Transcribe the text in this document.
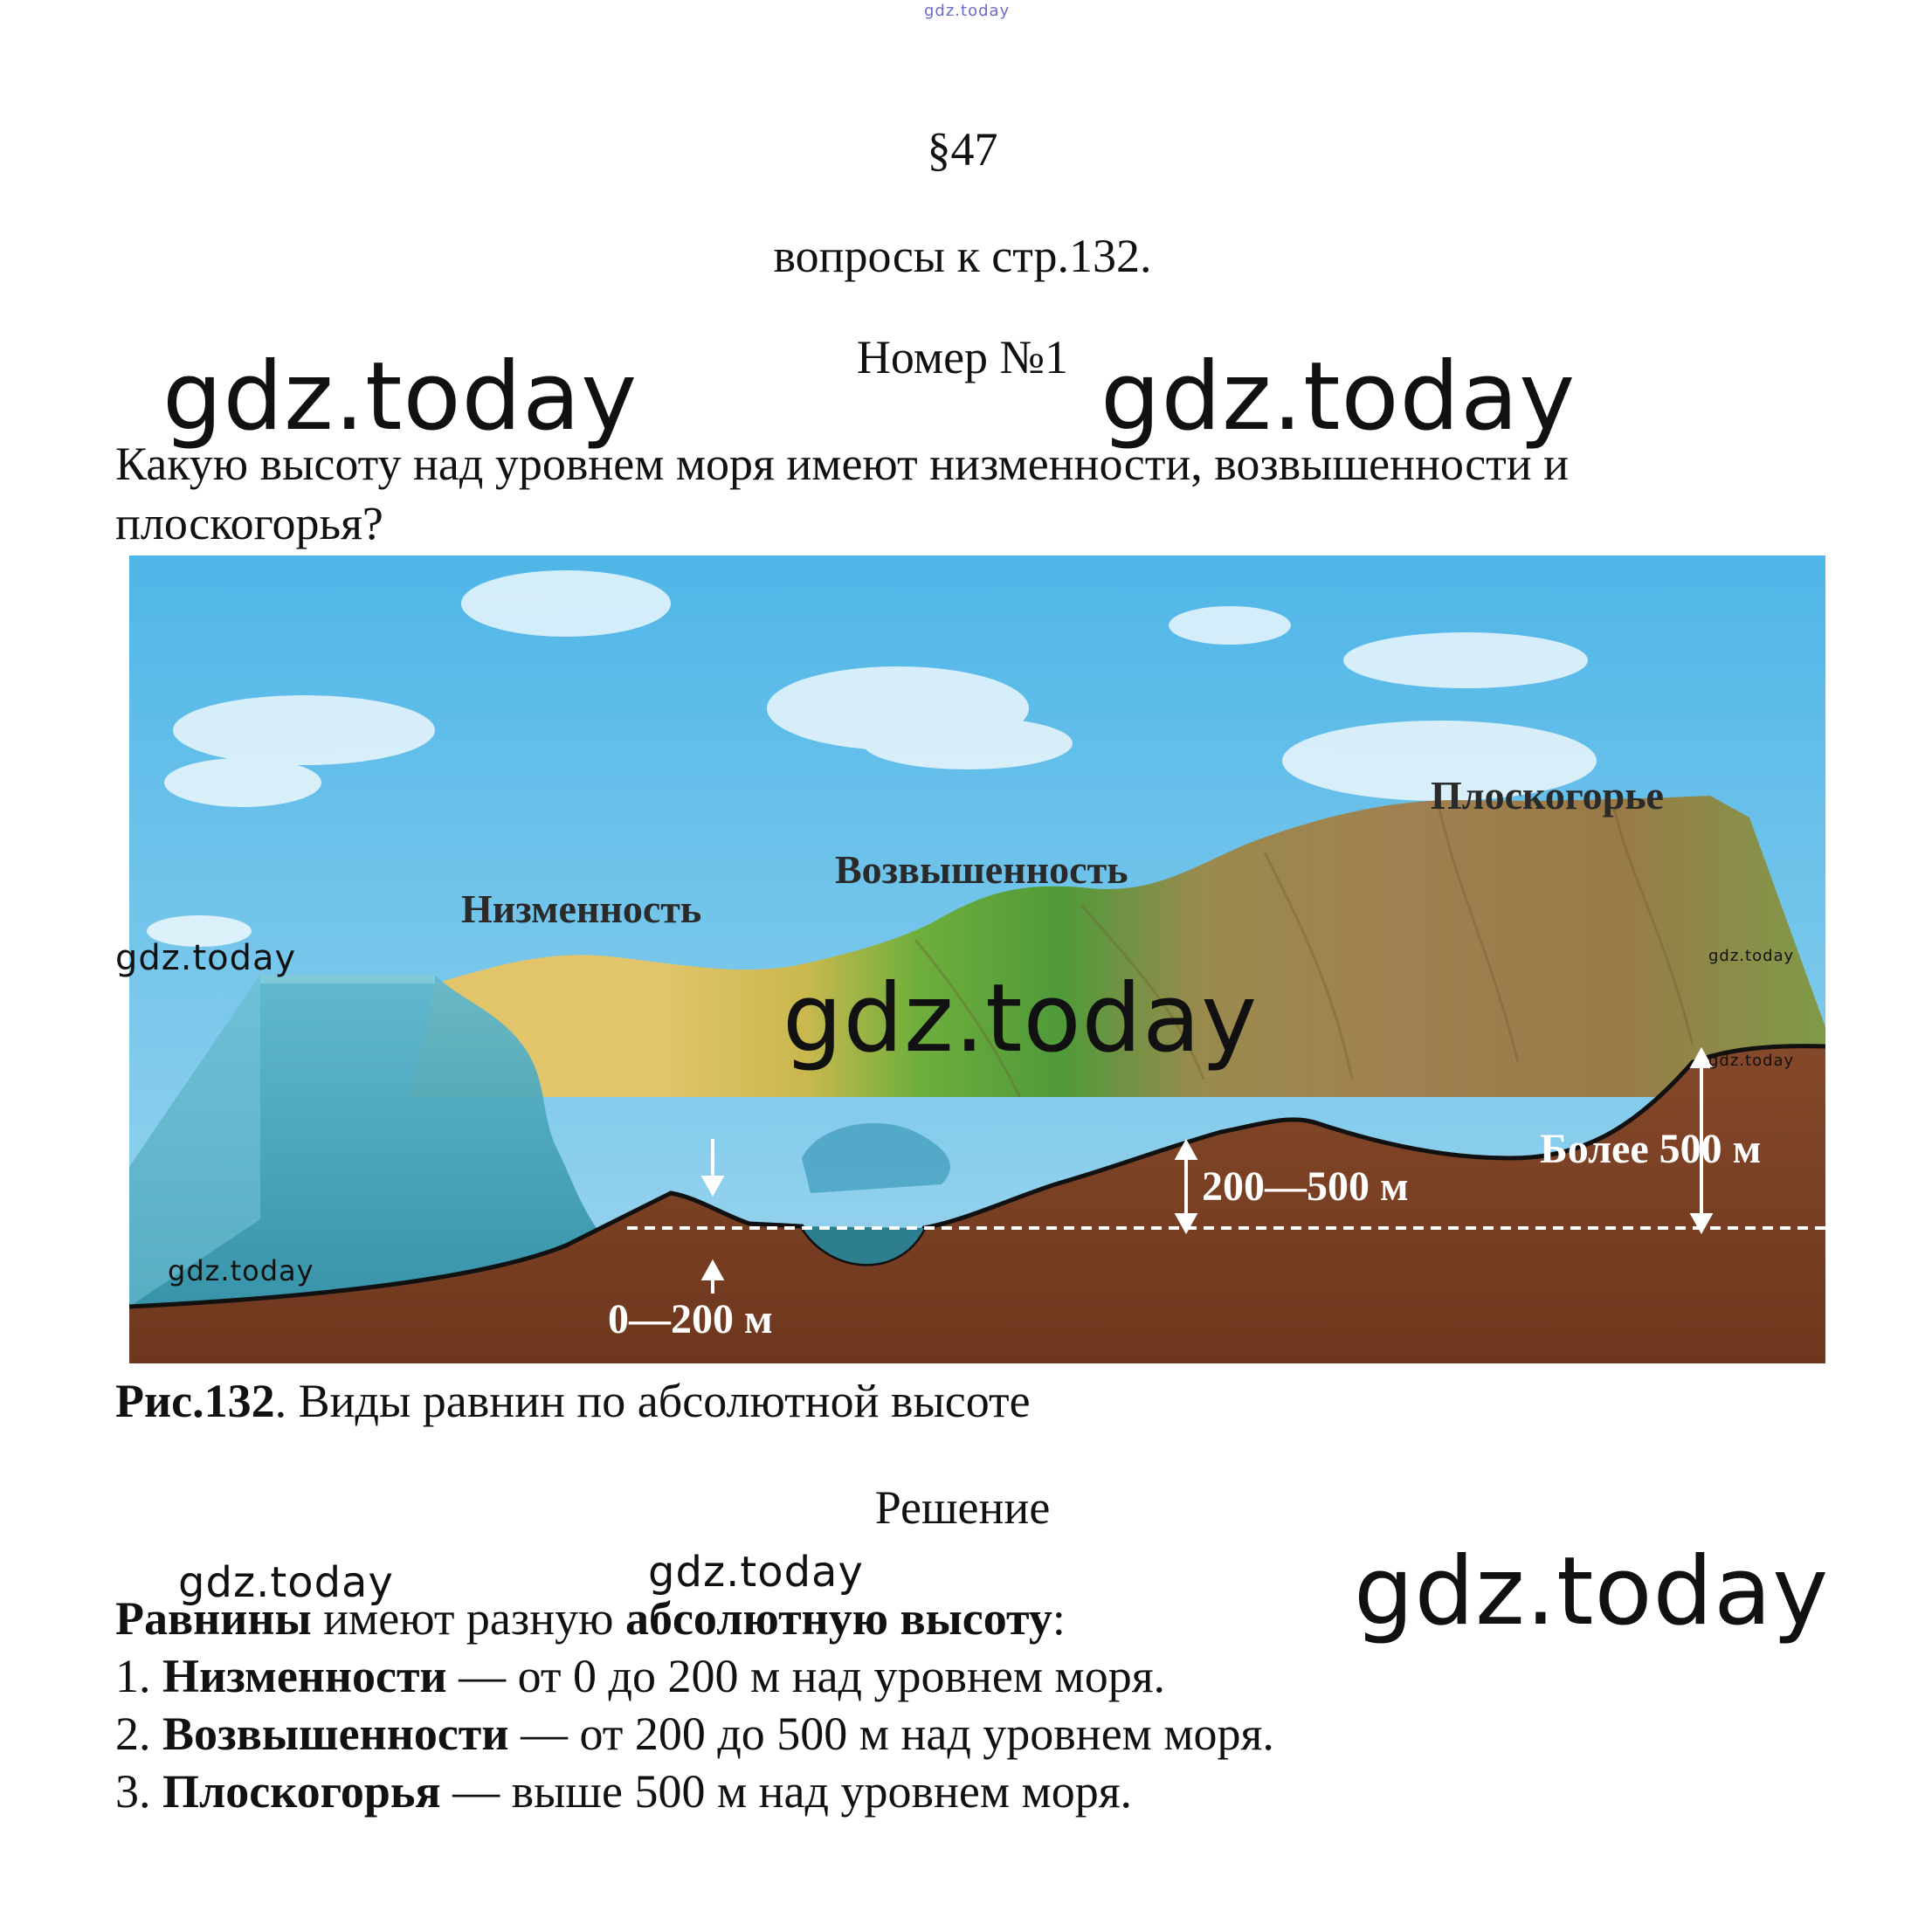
gdz.today
§47
вопросы к стр.132.
Номер №1
Какую высоту над уровнем моря имеют низменности, возвышенности и плоскогорья?
Низменность
Возвышенность
Плоскогорье
0—200 м
200—500 м
Более 500 м
Рис.132. Виды равнин по абсолютной высоте
Решение
Равнины имеют разную абсолютную высоту:
1. Низменности — от 0 до 200 м над уровнем моря.
2. Возвышенности — от 200 до 500 м над уровнем моря.
3. Плоскогорья — выше 500 м над уровнем моря.
gdz.today	gdz.today
gdz.today	gdz.today
gdz.today	gdz.today
gdz.today
gdz.today	gdz.today	gdz.today
